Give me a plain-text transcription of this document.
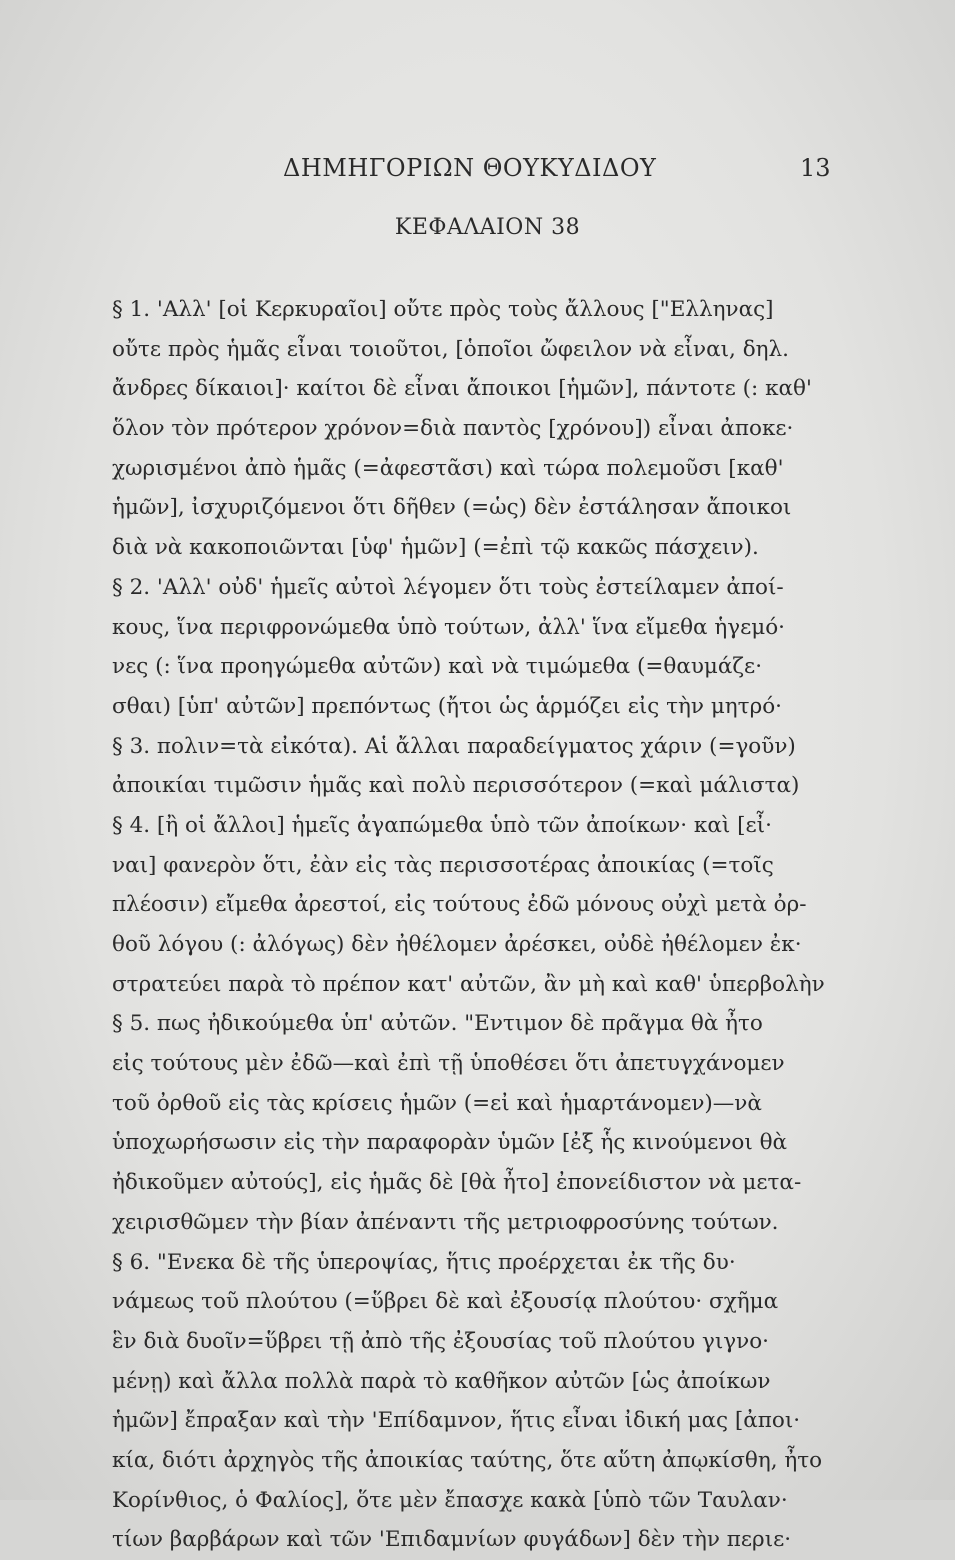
ΔΗΜΗΓΟΡΙΩΝ ΘΟΥΚΥΔΙΔΟΥ	13
ΚΕΦΑΛΑΙΟΝ 38
§ 1. 'Αλλ' [οἱ Κερκυραῖοι] οὔτε πρὸς τοὺς ἄλλους ["Ελληνας]
οὔτε πρὸς ἡμᾶς εἶναι τοιοῦτοι, [ὁποῖοι ὤφειλον νὰ εἶναι, δηλ.
ἄνδρες δίκαιοι]· καίτοι δὲ εἶναι ἄποικοι [ἡμῶν], πάντοτε (: καθ'
ὅλον τὸν πρότερον χρόνον=διὰ παντὸς [χρόνου]) εἶναι ἀποκε·
χωρισμένοι ἀπὸ ἡμᾶς (=ἀφεστᾶσι) καὶ τώρα πολεμοῦσι [καθ'
ἡμῶν], ἰσχυριζόμενοι ὅτι δῆθεν (=ὡς) δὲν ἐστάλησαν ἄποικοι
διὰ νὰ κακοποιῶνται [ὑφ' ἡμῶν] (=ἐπὶ τῷ κακῶς πάσχειν).
§ 2. 'Αλλ' οὐδ' ἡμεῖς αὐτοὶ λέγομεν ὅτι τοὺς ἐστείλαμεν ἀποί-
κους, ἵνα περιφρονώμεθα ὑπὸ τούτων, ἀλλ' ἵνα εἴμεθα ἡγεμό·
νες (: ἵνα προηγώμεθα αὐτῶν) καὶ νὰ τιμώμεθα (=θαυμάζε·
σθαι) [ὑπ' αὐτῶν] πρεπόντως (ἤτοι ὡς ἁρμόζει εἰς τὴν μητρό·
§ 3. πολιν=τὰ εἰκότα). Αἱ ἄλλαι παραδείγματος χάριν (=γοῦν)
ἀποικίαι τιμῶσιν ἡμᾶς καὶ πολὺ περισσότερον (=καὶ μάλιστα)
§ 4. [ἢ οἱ ἄλλοι] ἡμεῖς ἀγαπώμεθα ὑπὸ τῶν ἀποίκων· καὶ [εἶ·
ναι] φανερὸν ὅτι, ἐὰν εἰς τὰς περισσοτέρας ἀποικίας (=τοῖς
πλέοσιν) εἴμεθα ἀρεστοί, εἰς τούτους ἐδῶ μόνους οὐχὶ μετὰ ὀρ-
θοῦ λόγου (: ἀλόγως) δὲν ἠθέλομεν ἀρέσκει, οὐδὲ ἠθέλομεν ἐκ·
στρατεύει παρὰ τὸ πρέπον κατ' αὐτῶν, ἂν μὴ καὶ καθ' ὑπερβολὴν
§ 5. πως ἠδικούμεθα ὑπ' αὐτῶν. "Εντιμον δὲ πρᾶγμα θὰ ἦτο
εἰς τούτους μὲν ἐδῶ—καὶ ἐπὶ τῇ ὑποθέσει ὅτι ἀπετυγχάνομεν
τοῦ ὀρθοῦ εἰς τὰς κρίσεις ἡμῶν (=εἰ καὶ ἡμαρτάνομεν)—νὰ
ὑποχωρήσωσιν εἰς τὴν παραφορὰν ὑμῶν [ἐξ ἧς κινούμενοι θὰ
ἠδικοῦμεν αὐτούς], εἰς ἡμᾶς δὲ [θὰ ἦτο] ἐπονείδιστον νὰ μετα-
χειρισθῶμεν τὴν βίαν ἀπέναντι τῆς μετριοφροσύνης τούτων.
§ 6. "Ενεκα δὲ τῆς ὑπεροψίας, ἥτις προέρχεται ἐκ τῆς δυ·
νάμεως τοῦ πλούτου (=ὕβρει δὲ καὶ ἐξουσίᾳ πλούτου· σχῆμα
ἓν διὰ δυοῖν=ὕβρει τῇ ἀπὸ τῆς ἐξουσίας τοῦ πλούτου γιγνο·
μένῃ) καὶ ἄλλα πολλὰ παρὰ τὸ καθῆκον αὐτῶν [ὡς ἀποίκων
ἡμῶν] ἔπραξαν καὶ τὴν 'Επίδαμνον, ἥτις εἶναι ἰδική μας [ἀποι·
κία, διότι ἀρχηγὸς τῆς ἀποικίας ταύτης, ὅτε αὕτη ἀπῳκίσθη, ἦτο
Κορίνθιος, ὁ Φαλίος], ὅτε μὲν ἔπασχε κακὰ [ὑπὸ τῶν Ταυλαν·
τίων βαρβάρων καὶ τῶν 'Επιδαμνίων φυγάδων] δὲν τὴν περιε·
